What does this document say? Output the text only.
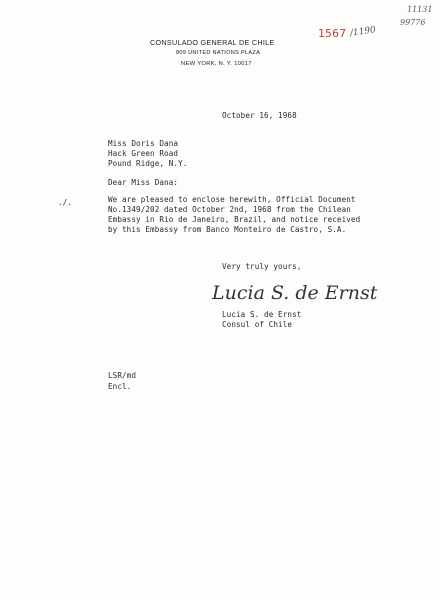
11131
99776
CONSULADO GENERAL DE CHILE
809 UNITED NATIONS PLAZA
NEW YORK, N. Y. 10017
1567 /1190
October 16, 1968
Miss Doris Dana
Hack Green Road
Pound Ridge, N.Y.
Dear Miss Dana:
./.	We are pleased to enclose herewith, Official Document
No.1349/202 dated October 2nd, 1968 from the Chilean
Embassy in Rio de Janeiro, Brazil, and notice received
by this Embassy from Banco Monteiro de Castro, S.A.
Very truly yours,
Lucia S. de Ernst
Lucia S. de Ernst
Consul of Chile
LSR/md
Encl.
